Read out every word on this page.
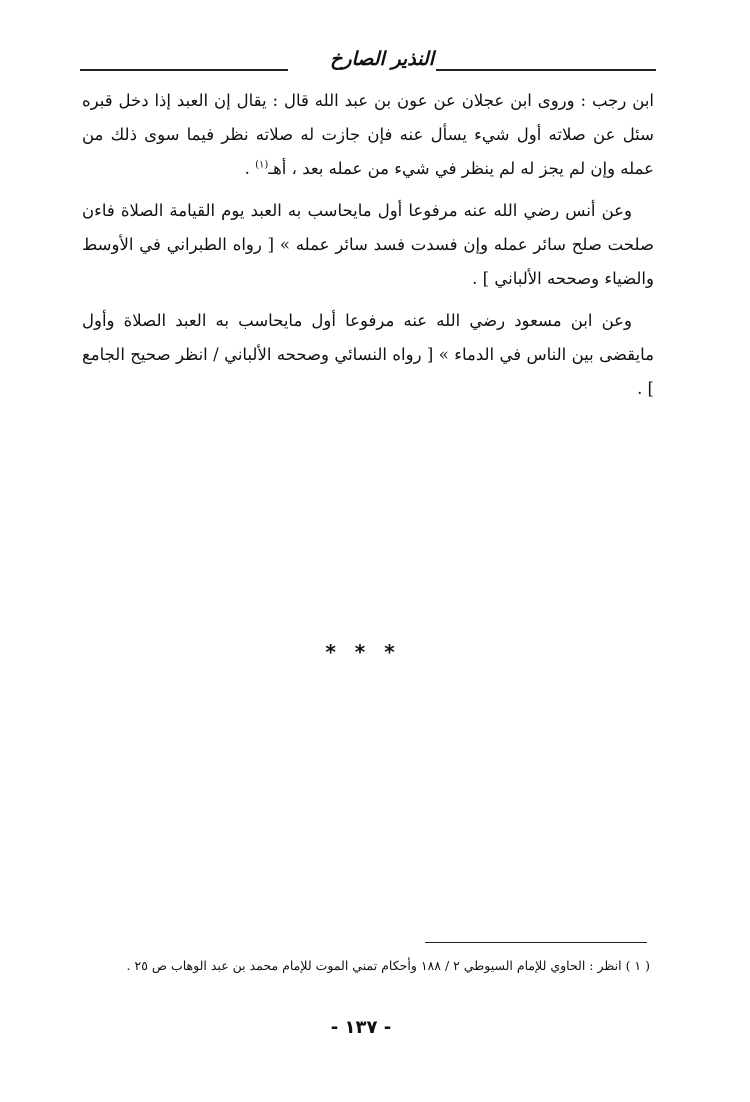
النذير الصارخ

ابن رجب : وروى ابن عجلان عن عون بن عبد الله قال : يقال إن العبد إذا دخل قبره سئل عن صلاته أول شيء يسأل عنه فإن جازت له صلاته نظر فيما سوى ذلك من عمله وإن لم يجز له لم ينظر في شيء من عمله بعد ، أهـ$^{(١)}$ .

وعن أنس رضي الله عنه مرفوعا أول مايحاسب به العبد يوم القيامة الصلاة فاءن صلحت صلح سائر عمله وإن فسدت فسد سائر عمله » [ رواه الطبراني في الأوسط والضياء وصححه الألباني ] .

وعن ابن مسعود رضي الله عنه مرفوعا أول مايحاسب به العبد الصلاة وأول مايقضى بين الناس في الدماء » [ رواه النسائي وصححه الألباني / انظر صحيح الجامع ] .

* * *
( ١ ) انظر : الحاوي للإمام السيوطي ٢ / ١٨٨ وأحكام تمني الموت للإمام محمد بن عبد الوهاب ص ٢٥ .
- ١٣٧ -
